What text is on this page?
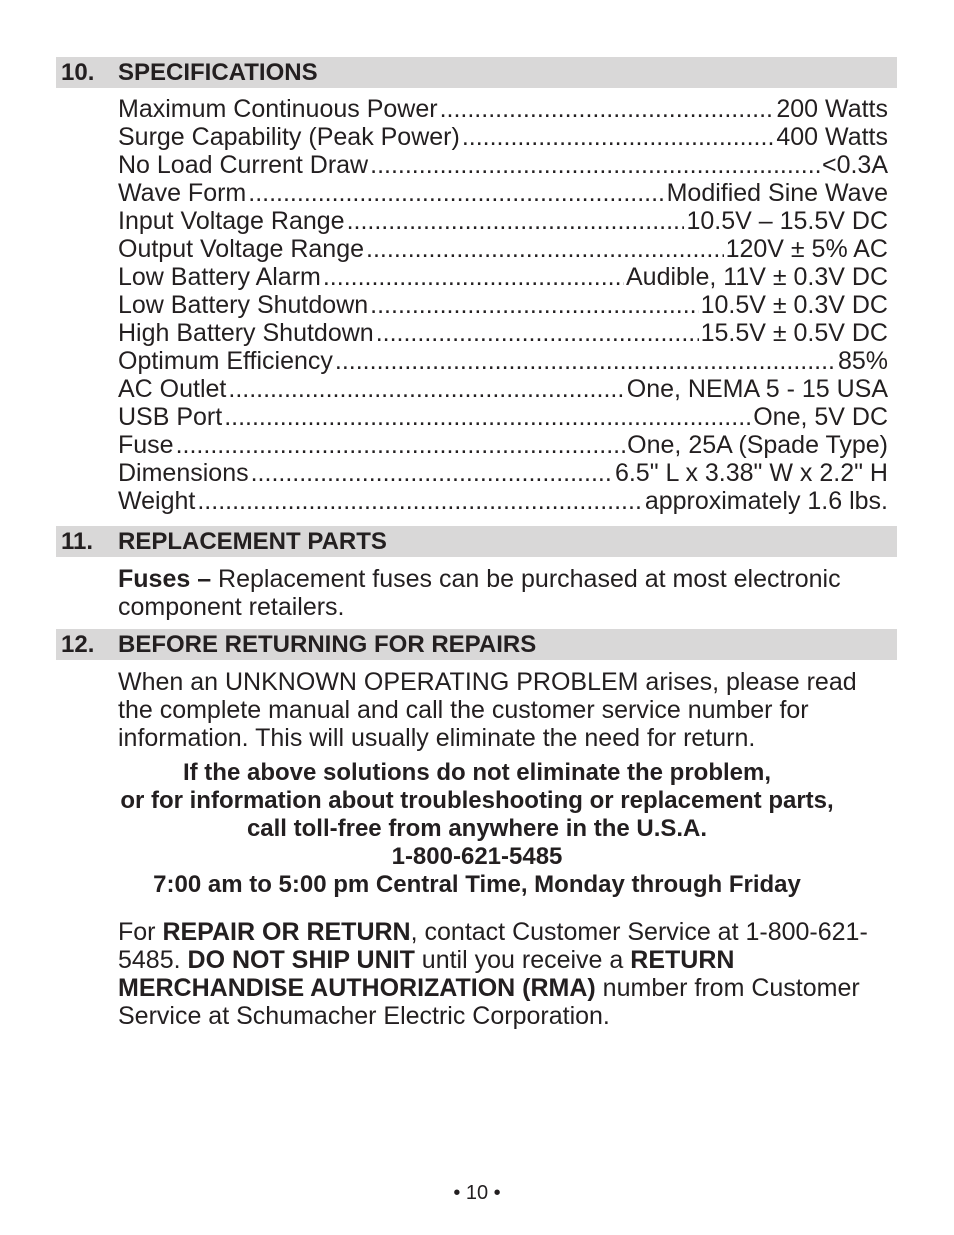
10. SPECIFICATIONS
Maximum Continuous Power .....	200 Watts
Surge Capability (Peak Power) .....	400 Watts
No Load Current Draw .....	<0.3A
Wave Form .....	Modified Sine Wave
Input Voltage Range .....	10.5V – 15.5V DC
Output Voltage Range .....	120V ± 5% AC
Low Battery Alarm .....	Audible, 11V ± 0.3V DC
Low Battery Shutdown .....	10.5V ± 0.3V DC
High Battery Shutdown .....	15.5V ± 0.5V DC
Optimum Efficiency .....	85%
AC Outlet .....	One, NEMA 5 - 15 USA
USB Port .....	One, 5V DC
Fuse .....	One, 25A (Spade Type)
Dimensions .....	6.5" L x 3.38" W x 2.2" H
Weight .....	approximately 1.6 lbs.
11. REPLACEMENT PARTS
Fuses – Replacement fuses can be purchased at most electronic component retailers.
12. BEFORE RETURNING FOR REPAIRS
When an UNKNOWN OPERATING PROBLEM arises, please read the complete manual and call the customer service number for information. This will usually eliminate the need for return.
If the above solutions do not eliminate the problem,
or for information about troubleshooting or replacement parts,
call toll-free from anywhere in the U.S.A.
1-800-621-5485
7:00 am to 5:00 pm Central Time, Monday through Friday
For REPAIR OR RETURN, contact Customer Service at 1-800-621-5485. DO NOT SHIP UNIT until you receive a RETURN MERCHANDISE AUTHORIZATION (RMA) number from Customer Service at Schumacher Electric Corporation.
• 10 •
